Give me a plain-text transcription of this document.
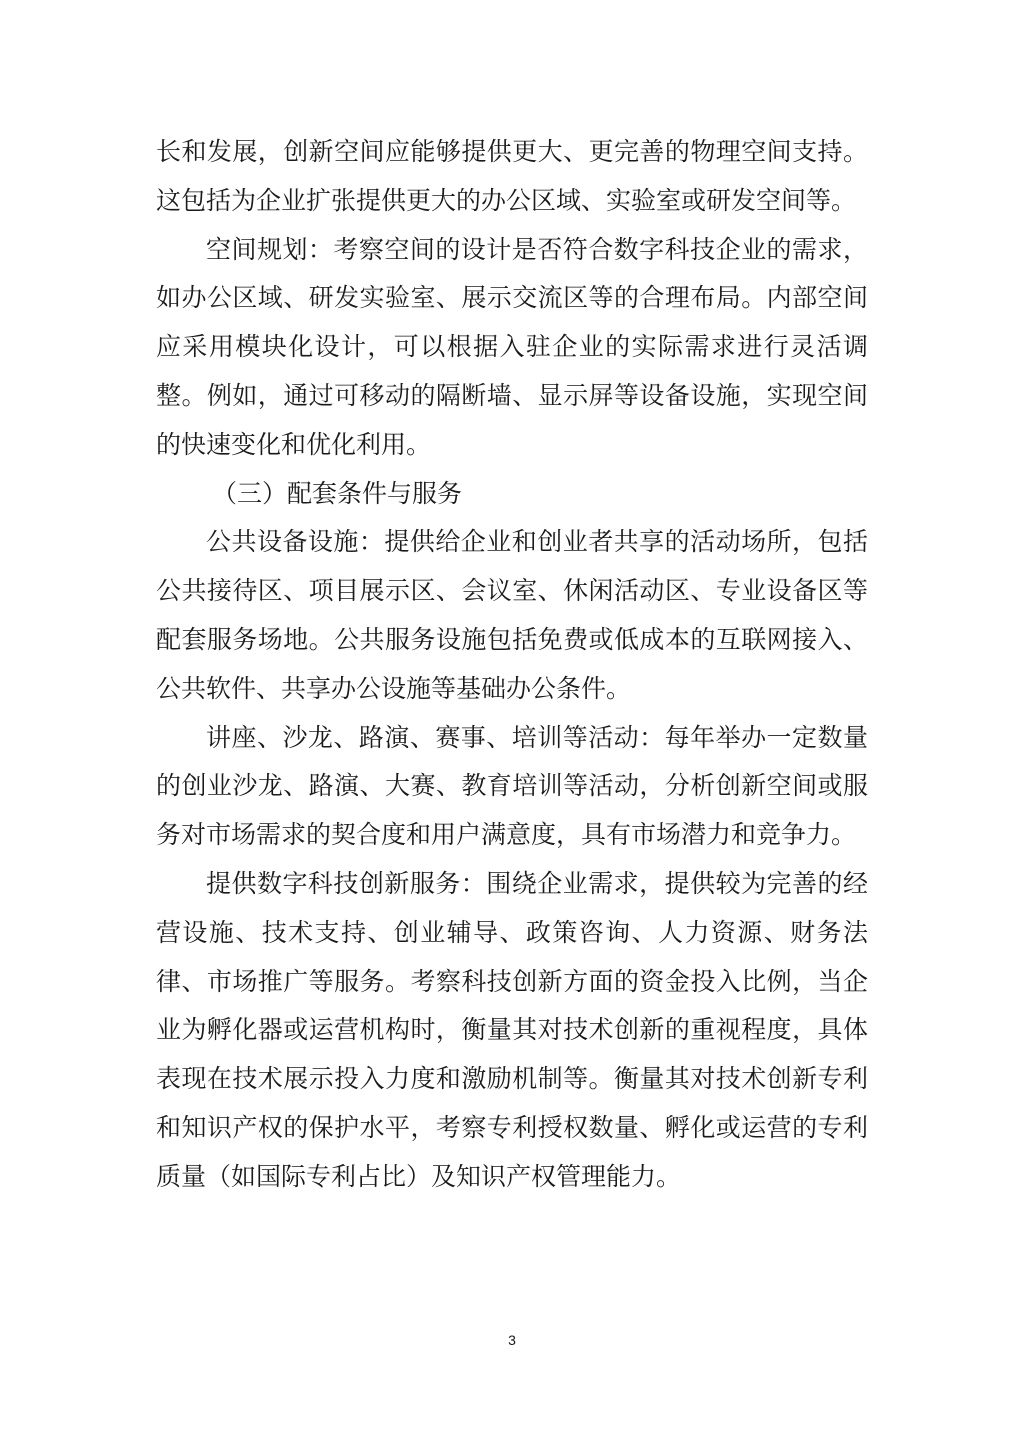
长和发展，创新空间应能够提供更大、更完善的物理空间支持。这包括为企业扩张提供更大的办公区域、实验室或研发空间等。

空间规划：考察空间的设计是否符合数字科技企业的需求，如办公区域、研发实验室、展示交流区等的合理布局。内部空间应采用模块化设计，可以根据入驻企业的实际需求进行灵活调整。例如，通过可移动的隔断墙、显示屏等设备设施，实现空间的快速变化和优化利用。

（三）配套条件与服务

公共设备设施：提供给企业和创业者共享的活动场所，包括公共接待区、项目展示区、会议室、休闲活动区、专业设备区等配套服务场地。公共服务设施包括免费或低成本的互联网接入、公共软件、共享办公设施等基础办公条件。

讲座、沙龙、路演、赛事、培训等活动：每年举办一定数量的创业沙龙、路演、大赛、教育培训等活动，分析创新空间或服务对市场需求的契合度和用户满意度，具有市场潜力和竞争力。

提供数字科技创新服务：围绕企业需求，提供较为完善的经营设施、技术支持、创业辅导、政策咨询、人力资源、财务法律、市场推广等服务。考察科技创新方面的资金投入比例，当企业为孵化器或运营机构时，衡量其对技术创新的重视程度，具体表现在技术展示投入力度和激励机制等。衡量其对技术创新专利和知识产权的保护水平，考察专利授权数量、孵化或运营的专利质量（如国际专利占比）及知识产权管理能力。

3
